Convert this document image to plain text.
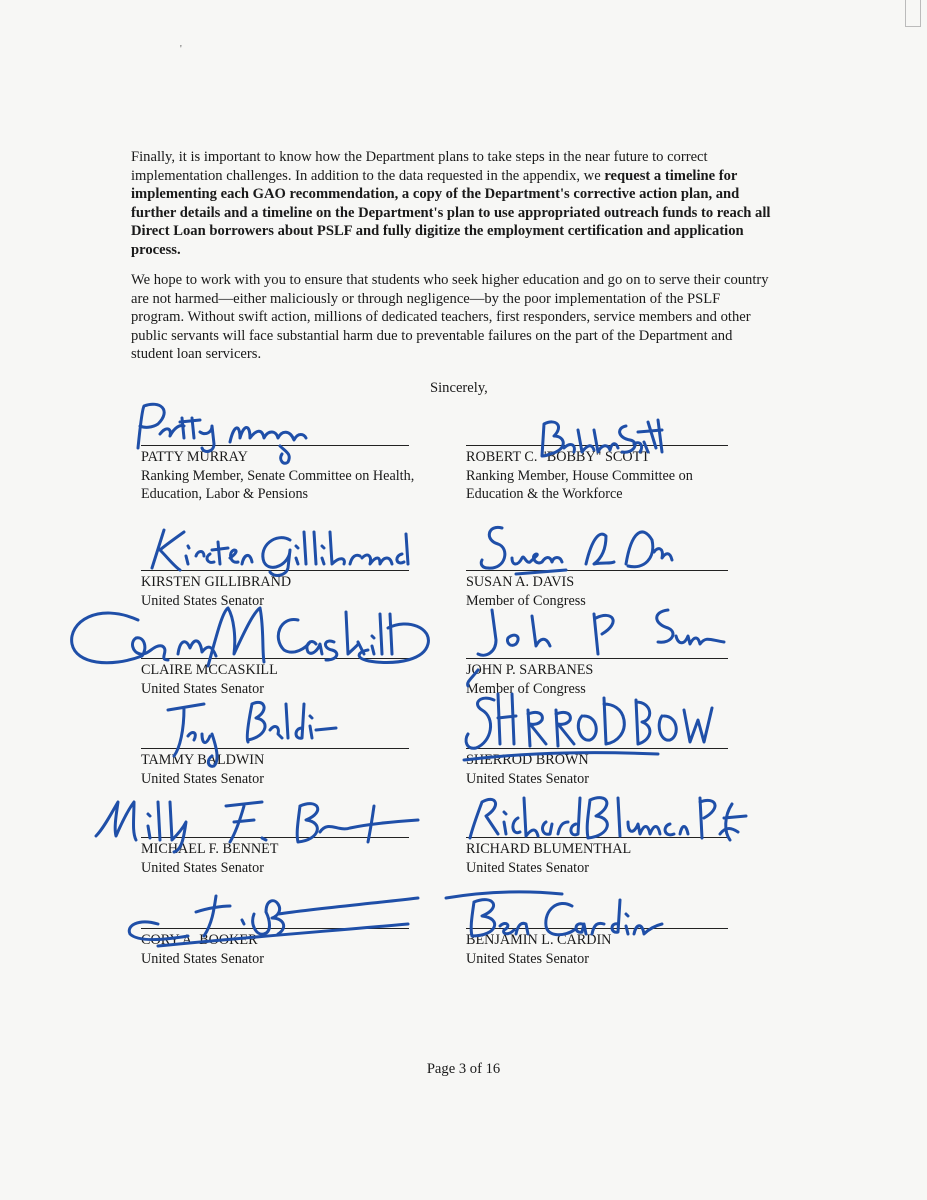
'

Finally, it is important to know how the Department plans to take steps in the near future to correct implementation challenges. In addition to the data requested in the appendix, we request a timeline for implementing each GAO recommendation, a copy of the Department's corrective action plan, and further details and a timeline on the Department's plan to use appropriated outreach funds to reach all Direct Loan borrowers about PSLF and fully digitize the employment certification and application process.

We hope to work with you to ensure that students who seek higher education and go on to serve their country are not harmed—either maliciously or through negligence—by the poor implementation of the PSLF program. Without swift action, millions of dedicated teachers, first responders, service members and other public servants will face substantial harm due to preventable failures on the part of the Department and student loan servicers.

Sincerely,
PATTY MURRAY
Ranking Member, Senate Committee on Health,
Education, Labor & Pensions
ROBERT C. "BOBBY" SCOTT
Ranking Member, House Committee on
Education & the Workforce
KIRSTEN GILLIBRAND
United States Senator
SUSAN A. DAVIS
Member of Congress
CLAIRE MCCASKILL
United States Senator
JOHN P. SARBANES
Member of Congress
TAMMY BALDWIN
United States Senator
SHERROD BROWN
United States Senator
MICHAEL F. BENNET
United States Senator
RICHARD BLUMENTHAL
United States Senator
CORY A. BOOKER
United States Senator
BENJAMIN L. CARDIN
United States Senator
Page 3 of 16
